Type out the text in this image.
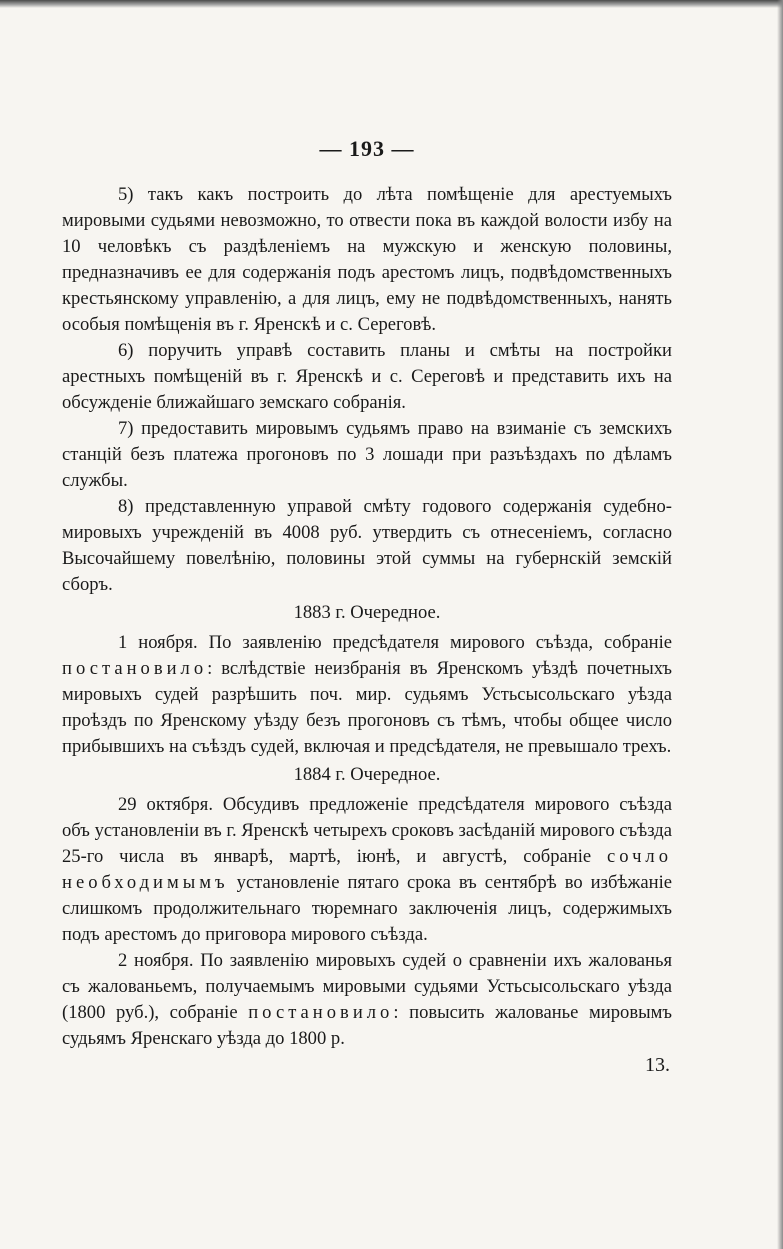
— 193 —

5) такъ какъ построить до лѣта помѣщеніе для арестуемыхъ мировыми судьями невозможно, то отвести пока въ каждой волости избу на 10 человѣкъ съ раздѣленіемъ на мужскую и женскую половины, предназначивъ ее для содержанія подъ арестомъ лицъ, подвѣдомственныхъ крестьянскому управленію, а для лицъ, ему не подвѣдомственныхъ, нанять особыя помѣщенія въ г. Яренскѣ и с. Сереговѣ.

6) поручить управѣ составить планы и смѣты на постройки арестныхъ помѣщеній въ г. Яренскѣ и с. Сереговѣ и представить ихъ на обсужденіе ближайшаго земскаго собранія.

7) предоставить мировымъ судьямъ право на взиманіе съ земскихъ станцій безъ платежа прогоновъ по 3 лошади при разъѣздахъ по дѣламъ службы.

8) представленную управой смѣту годового содержанія судебно-мировыхъ учрежденій въ 4008 руб. утвердить съ отнесеніемъ, согласно Высочайшему повелѣнію, половины этой суммы на губернскій земскій сборъ.

1883 г. Очередное.

1 ноября. По заявленію предсѣдателя мирового съѣзда, собраніе постановило: вслѣдствіе неизбранія въ Яренскомъ уѣздѣ почетныхъ мировыхъ судей разрѣшить поч. мир. судьямъ Устьсысольскаго уѣзда проѣздъ по Яренскому уѣзду безъ прогоновъ съ тѣмъ, чтобы общее число прибывшихъ на съѣздъ судей, включая и предсѣдателя, не превышало трехъ.

1884 г. Очередное.

29 октября. Обсудивъ предложеніе предсѣдателя мирового съѣзда объ установленіи въ г. Яренскѣ четырехъ сроковъ засѣданій мирового съѣзда 25-го числа въ январѣ, мартѣ, іюнѣ, и августѣ, собраніе сочло необходимымъ установленіе пятаго срока въ сентябрѣ во избѣжаніе слишкомъ продолжительнаго тюремнаго заключенія лицъ, содержимыхъ подъ арестомъ до приговора мирового съѣзда.

2 ноября. По заявленію мировыхъ судей о сравненіи ихъ жалованья съ жалованьемъ, получаемымъ мировыми судьями Устьсысольскаго уѣзда (1800 руб.), собраніе постановило: повысить жалованье мировымъ судьямъ Яренскаго уѣзда до 1800 р.

13.
